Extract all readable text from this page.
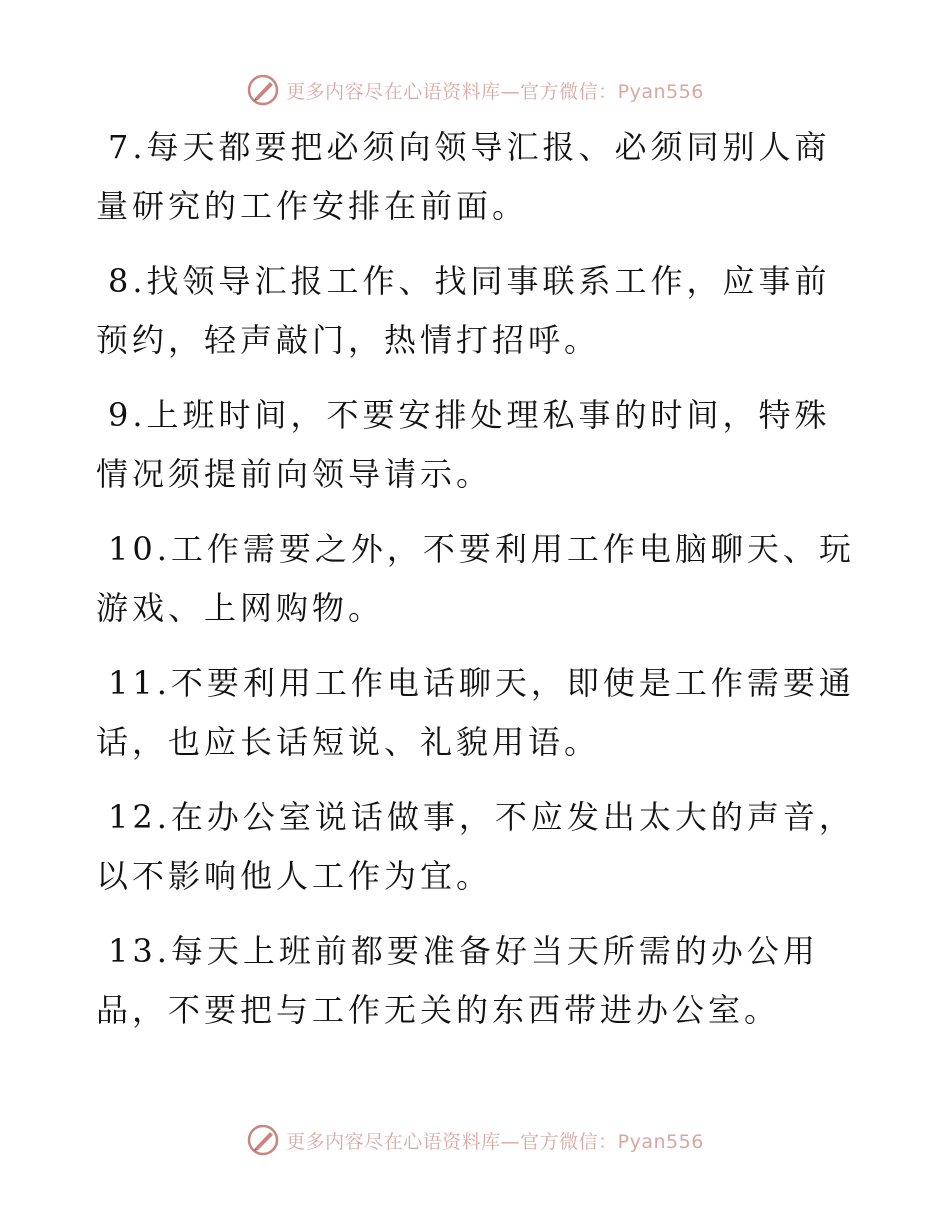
更多内容尽在心语资料库—官方微信：Pyan556

7.每天都要把必须向领导汇报、必须同别人商量研究的工作安排在前面。

8.找领导汇报工作、找同事联系工作，应事前预约，轻声敲门，热情打招呼。

9.上班时间，不要安排处理私事的时间，特殊情况须提前向领导请示。

10.工作需要之外，不要利用工作电脑聊天、玩游戏、上网购物。

11.不要利用工作电话聊天，即使是工作需要通话，也应长话短说、礼貌用语。

12.在办公室说话做事，不应发出太大的声音，以不影响他人工作为宜。

13.每天上班前都要准备好当天所需的办公用品，不要把与工作无关的东西带进办公室。

更多内容尽在心语资料库—官方微信：Pyan556
